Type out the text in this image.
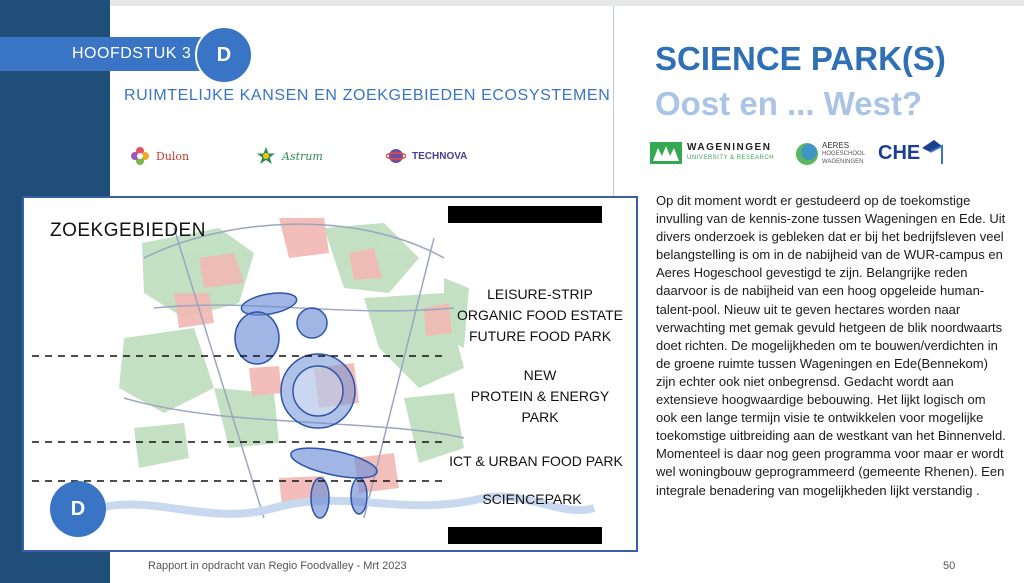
HOOFDSTUK 3 D
RUIMTELIJKE KANSEN EN ZOEKGEBIEDEN ECOSYSTEMEN
Dulon	Astrum	TECHNOVA
ZOEKGEBIEDEN
LEISURE-STRIP
ORGANIC FOOD ESTATE
FUTURE FOOD PARK
NEW
PROTEIN & ENERGY
PARK
ICT & URBAN FOOD PARK
SCIENCEPARK
D
Rapport in opdracht van Regio Foodvalley - Mrt 2023
SCIENCE PARK(S)
Oost en ... West?
WAGENINGEN
UNIVERSITY & RESEARCH
AERES
HOGESCHOOL
WAGENINGEN CHE
Op dit moment wordt er gestudeerd op de toekomstige invulling van de kennis-zone tussen Wageningen en Ede. Uit divers onderzoek is gebleken dat er bij het bedrijfsleven veel belangstelling is om in de nabijheid van de WUR-campus en Aeres Hogeschool gevestigd te zijn. Belangrijke reden daarvoor is de nabijheid van een hoog opgeleide human-talent-pool. Nieuw uit te geven hectares worden naar verwachting met gemak gevuld hetgeen de blik noordwaarts doet richten. De mogelijkheden om te bouwen/verdichten in de groene ruimte tussen Wageningen en Ede(Bennekom) zijn echter ook niet onbegrensd. Gedacht wordt aan extensieve hoogwaardige bebouwing. Het lijkt logisch om ook een lange termijn visie te ontwikkelen voor mogelijke toekomstige uitbreiding aan de westkant van het Binnenveld. Momenteel is daar nog geen programma voor maar er wordt wel woningbouw geprogrammeerd (gemeente Rhenen). Een integrale benadering van mogelijkheden lijkt verstandig .
50
